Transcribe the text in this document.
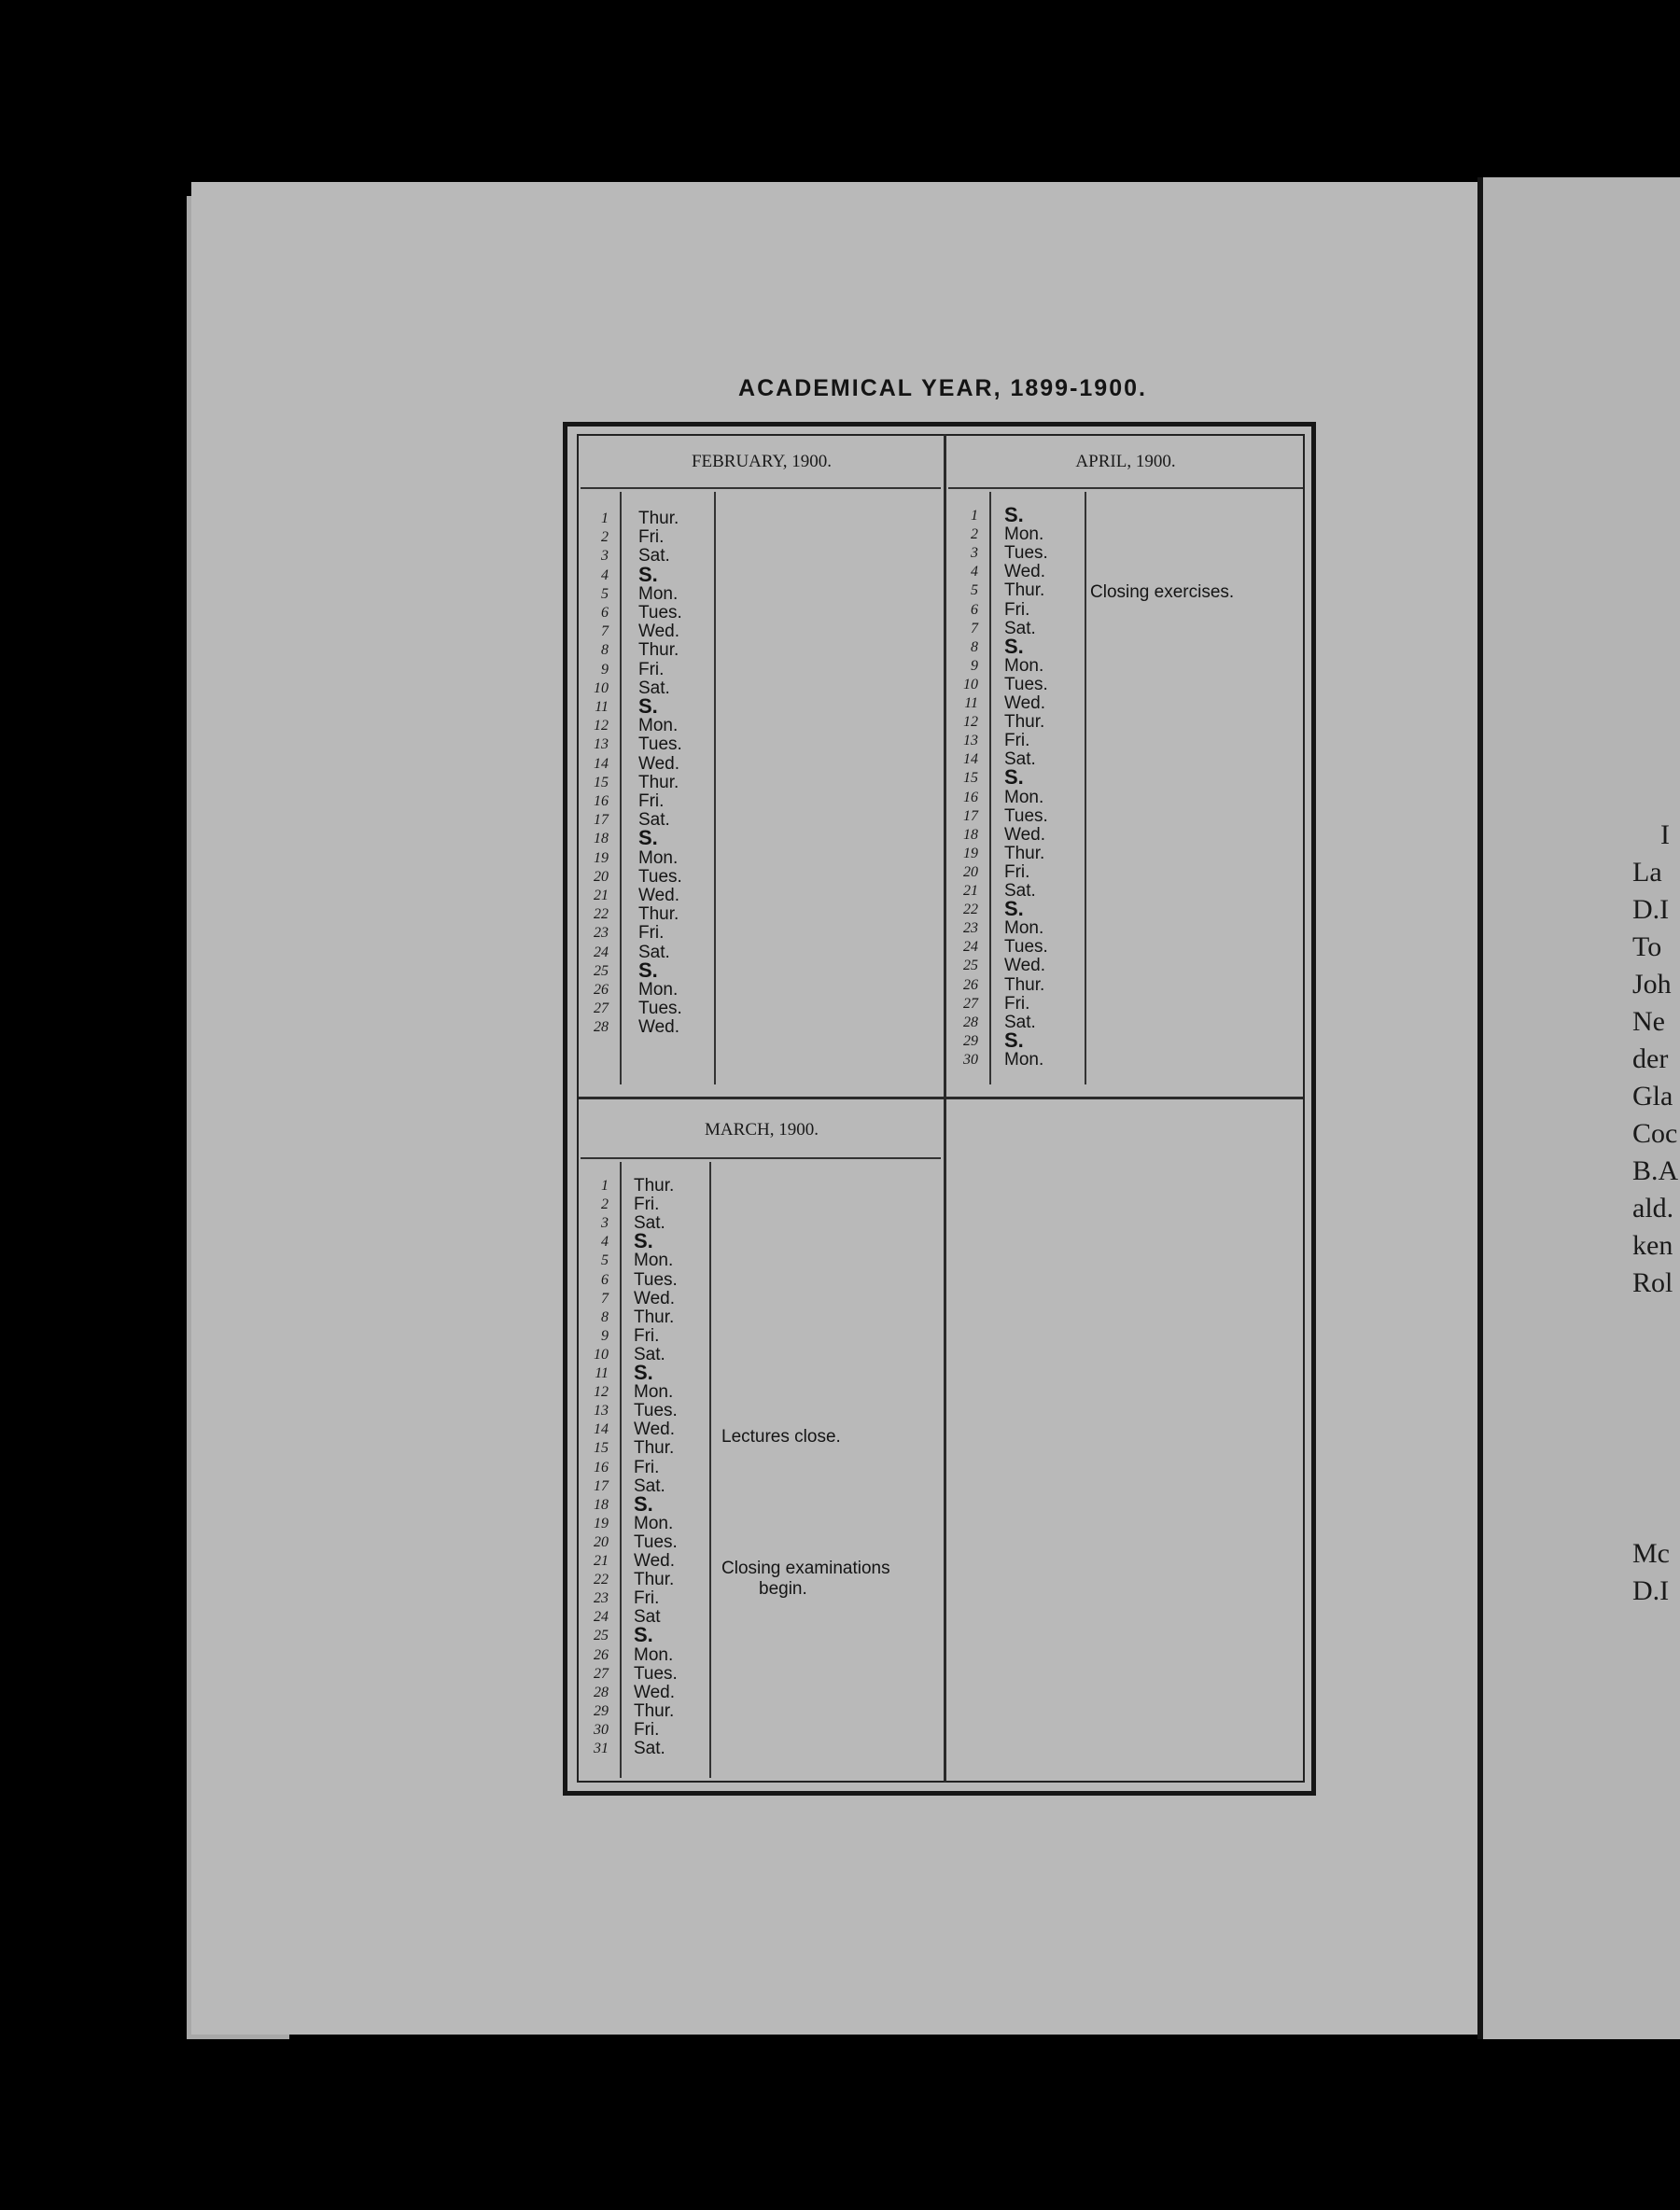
I
La
D.I
To
Joh
Ne
der
Gla
Coc
B.A
ald.
ken
Rol
Mc
D.I
ACADEMICAL YEAR, 1899-1900.
FEBRUARY, 1900.	APRIL, 1900.
MARCH, 1900.
1 Thur.
2 Fri.
3 Sat.
4 S.
5 Mon.
6 Tues.
7 Wed.
8 Thur.
9 Fri.
10 Sat.
11 S.
12 Mon.
13 Tues.
14 Wed.
15 Thur.
16 Fri.
17 Sat.
18 S.
19 Mon.
20 Tues.
21 Wed.
22 Thur.
23 Fri.
24 Sat.
25 S.
26 Mon.
27 Tues.
28 Wed.
1 S.
2 Mon.
3 Tues.
4 Wed.
5 Thur.
6 Fri.
7 Sat.
8 S.
9 Mon.
10 Tues.
11 Wed.
12 Thur.
13 Fri.
14 Sat.
15 S.
16 Mon.
17 Tues.
18 Wed.
19 Thur.
20 Fri.
21 Sat.
22 S.
23 Mon.
24 Tues.
25 Wed.
26 Thur.
27 Fri.
28 Sat.
29 S.
30 Mon.
1 Thur.
2 Fri.
3 Sat.
4 S.
5 Mon.
6 Tues.
7 Wed.
8 Thur.
9 Fri.
10 Sat.
11 S.
12 Mon.
13 Tues.
14 Wed.
15 Thur.
16 Fri.
17 Sat.
18 S.
19 Mon.
20 Tues.
21 Wed.
22 Thur.
23 Fri.
24 Sat
25 S.
26 Mon.
27 Tues.
28 Wed.
29 Thur.
30 Fri.
31 Sat.
Closing exercises.
Lectures close.
Closing examinations
begin.
